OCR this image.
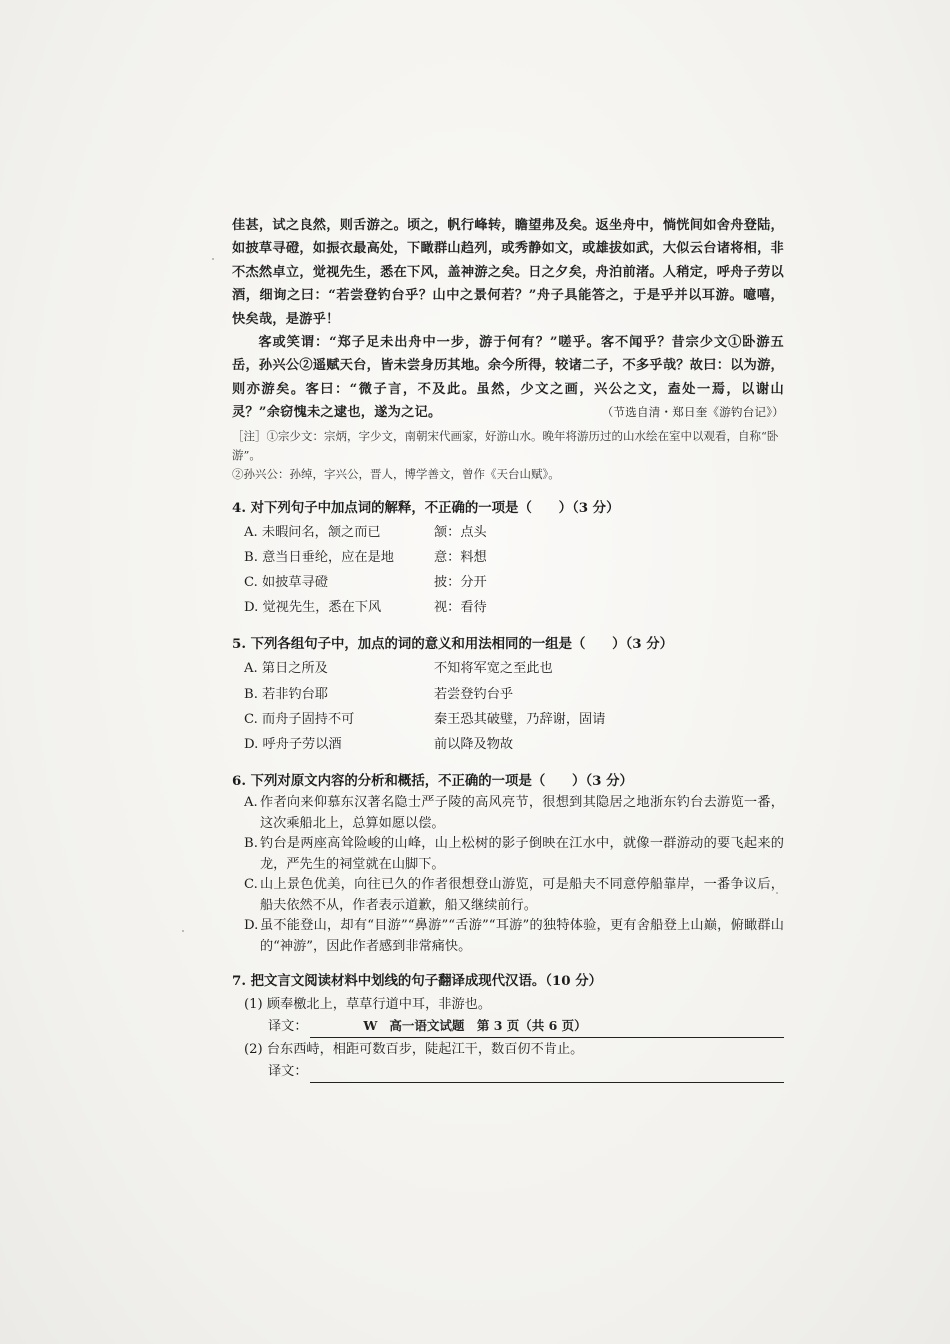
佳甚，试之良然，则舌游之。顷之，帆行峰转，瞻望弗及矣。返坐舟中，惝恍间如舍舟登陆，如披草寻磴，如振衣最高处，下瞰群山趋列，或秀静如文，或雄拔如武，大似云台诸将相，非不杰然卓立，觉视先生，悉在下风，盖神游之矣。日之夕矣，舟泊前渚。人稍定，呼舟子劳以酒，细询之曰：“若尝登钓台乎？山中之景何若？”舟子具能答之，于是乎并以耳游。噫嘻，快矣哉，是游乎！

客或笑谓：“郑子足未出舟中一步，游于何有？”嗟乎。客不闻乎？昔宗少文①卧游五岳，孙兴公②遥赋天台，皆未尝身历其地。余今所得，较诸二子，不多乎哉？故曰：以为游，则亦游矣。客曰：“微子言，不及此。虽然，少文之画，兴公之文，盍处一焉，以谢山灵？”余窃愧未之逮也，遂为之记。	（节选自清・郑日奎《游钓台记》）

［注］①宗少文：宗炳，字少文，南朝宋代画家，好游山水。晚年将游历过的山水绘在室中以观看，自称“卧游”。

②孙兴公：孙绰，字兴公，晋人，博学善文，曾作《天台山赋》。

4. 对下列句子中加点词的解释，不正确的一项是（　　）（3 分）
A. 未暇问名，颔之而已	颔：点头
B. 意当日垂纶，应在是地	意：料想
C. 如披草寻磴	披：分开
D. 觉视先生，悉在下风	视：看待
5. 下列各组句子中，加点的词的意义和用法相同的一组是（　　）（3 分）
A. 第日之所及	不知将军宽之至此也
B. 若非钓台耶	若尝登钓台乎
C. 而舟子固持不可	秦王恐其破璧，乃辞谢，固请
D. 呼舟子劳以酒	前以降及物故
6. 下列对原文内容的分析和概括，不正确的一项是（　　）（3 分）
A. 作者向来仰慕东汉著名隐士严子陵的高风亮节，很想到其隐居之地浙东钓台去游览一番，这次乘船北上，总算如愿以偿。
B. 钓台是两座高耸险峻的山峰，山上松树的影子倒映在江水中，就像一群游动的要飞起来的龙，严先生的祠堂就在山脚下。
C. 山上景色优美，向往已久的作者很想登山游览，可是船夫不同意停船靠岸，一番争议后，船夫依然不从，作者表示道歉，船又继续前行。
D. 虽不能登山，却有“目游”“鼻游”“舌游”“耳游”的独特体验，更有舍船登上山巅，俯瞰群山的“神游”，因此作者感到非常痛快。
7. 把文言文阅读材料中划线的句子翻译成现代汉语。（10 分）
(1) 顾奉檄北上，草草行道中耳，非游也。
译文：
(2) 台东西峙，相距可数百步，陡起江干，数百仞不肯止。
译文：
W 高一语文试题　第 3 页（共 6 页）
